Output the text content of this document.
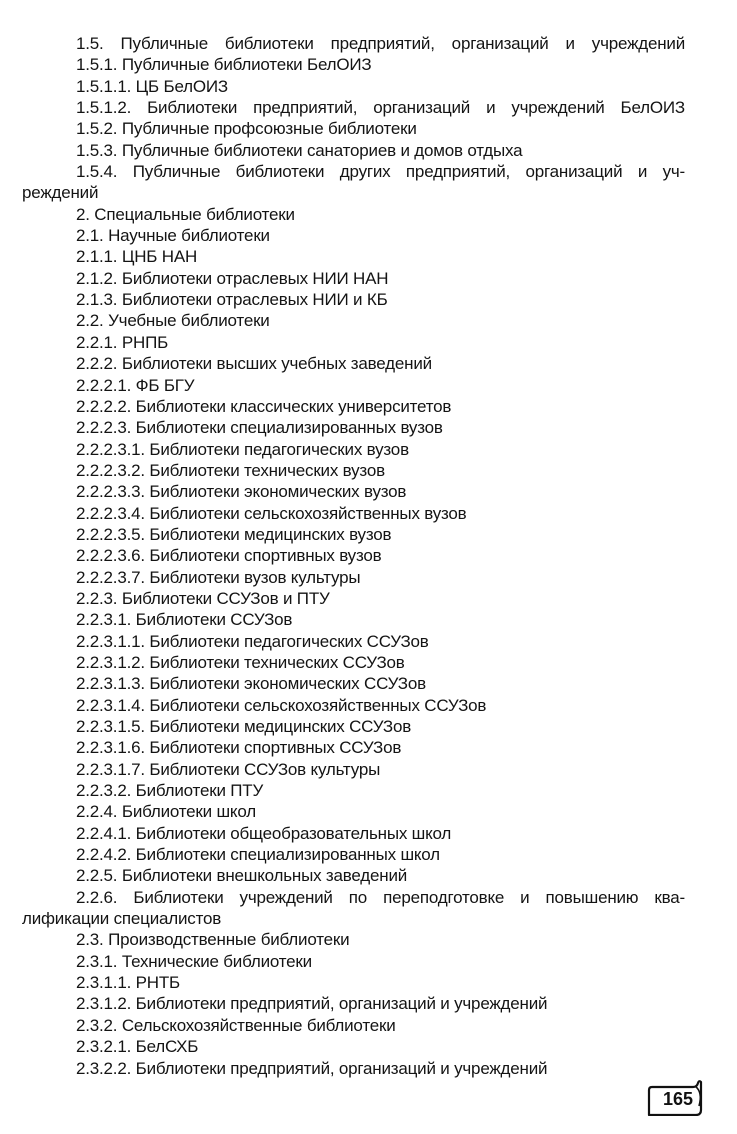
1.5. Публичные библиотеки предприятий, организаций и учреждений
1.5.1. Публичные библиотеки БелОИЗ
1.5.1.1. ЦБ БелОИЗ
1.5.1.2. Библиотеки предприятий, организаций и учреждений БелОИЗ
1.5.2. Публичные профсоюзные библиотеки
1.5.3. Публичные библиотеки санаториев и домов отдыха
1.5.4. Публичные библиотеки других предприятий, организаций и уч-
реждений
2. Специальные библиотеки
2.1. Научные библиотеки
2.1.1. ЦНБ НАН
2.1.2. Библиотеки отраслевых НИИ НАН
2.1.3. Библиотеки отраслевых НИИ и КБ
2.2. Учебные библиотеки
2.2.1. РНПБ
2.2.2. Библиотеки высших учебных заведений
2.2.2.1. ФБ БГУ
2.2.2.2. Библиотеки классических университетов
2.2.2.3. Библиотеки специализированных вузов
2.2.2.3.1. Библиотеки педагогических вузов
2.2.2.3.2. Библиотеки технических вузов
2.2.2.3.3. Библиотеки экономических вузов
2.2.2.3.4. Библиотеки сельскохозяйственных вузов
2.2.2.3.5. Библиотеки медицинских вузов
2.2.2.3.6. Библиотеки спортивных вузов
2.2.2.3.7. Библиотеки вузов культуры
2.2.3. Библиотеки ССУЗов и ПТУ
2.2.3.1. Библиотеки ССУЗов
2.2.3.1.1. Библиотеки педагогических ССУЗов
2.2.3.1.2. Библиотеки технических ССУЗов
2.2.3.1.3. Библиотеки экономических ССУЗов
2.2.3.1.4. Библиотеки сельскохозяйственных ССУЗов
2.2.3.1.5. Библиотеки медицинских ССУЗов
2.2.3.1.6. Библиотеки спортивных ССУЗов
2.2.3.1.7. Библиотеки ССУЗов культуры
2.2.3.2. Библиотеки ПТУ
2.2.4. Библиотеки школ
2.2.4.1. Библиотеки общеобразовательных школ
2.2.4.2. Библиотеки специализированных школ
2.2.5. Библиотеки внешкольных заведений
2.2.6. Библиотеки учреждений по переподготовке и повышению ква-
лификации специалистов
2.3. Производственные библиотеки
2.3.1. Технические библиотеки
2.3.1.1. РНТБ
2.3.1.2. Библиотеки предприятий, организаций и учреждений
2.3.2. Сельскохозяйственные библиотеки
2.3.2.1. БелСХБ
2.3.2.2. Библиотеки предприятий, организаций и учреждений
165
